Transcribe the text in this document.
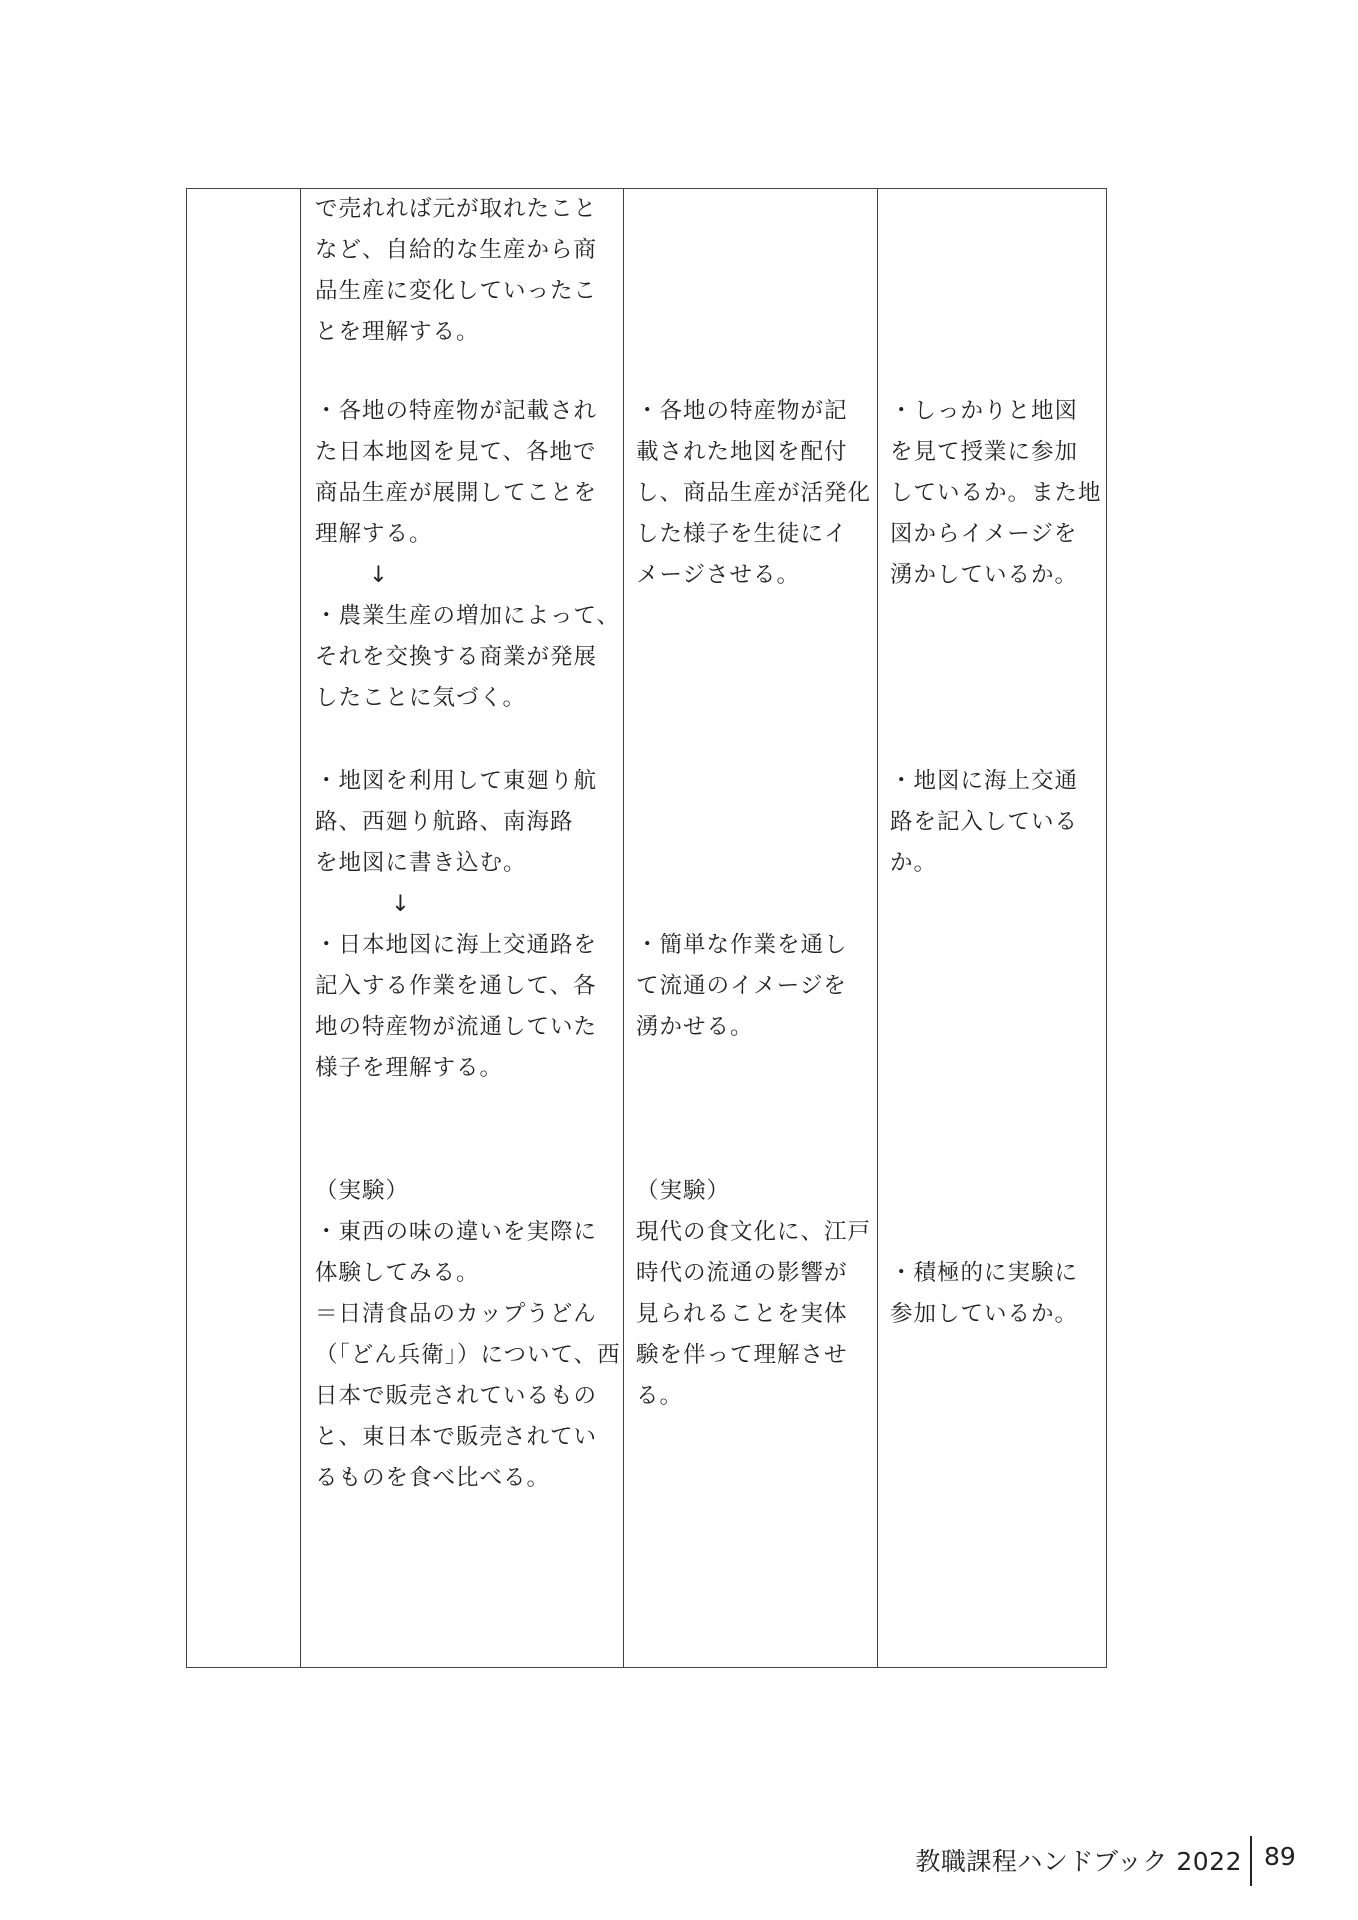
で売れれば元が取れたこと
など、自給的な生産から商
品生産に変化していったこ
とを理解する。
・各地の特産物が記載され
た日本地図を見て、各地で
商品生産が展開してことを
理解する。
↓
・農業生産の増加によって、
それを交換する商業が発展
したことに気づく。
・地図を利用して東廻り航
路、西廻り航路、南海路
を地図に書き込む。
↓
・日本地図に海上交通路を
記入する作業を通して、各
地の特産物が流通していた
様子を理解する。
（実験）
・東西の味の違いを実際に
体験してみる。
＝日清食品のカップうどん
（「どん兵衛」）について、西
日本で販売されているもの
と、東日本で販売されてい
るものを食べ比べる。
・各地の特産物が記
載された地図を配付
し、商品生産が活発化
した様子を生徒にイ
メージさせる。
・簡単な作業を通し
て流通のイメージを
湧かせる。
（実験）
現代の食文化に、江戸
時代の流通の影響が
見られることを実体
験を伴って理解させ
る。
・しっかりと地図
を見て授業に参加
しているか。また地
図からイメージを
湧かしているか。
・地図に海上交通
路を記入している
か。
・積極的に実験に
参加しているか。
教職課程ハンドブック 2022 89
